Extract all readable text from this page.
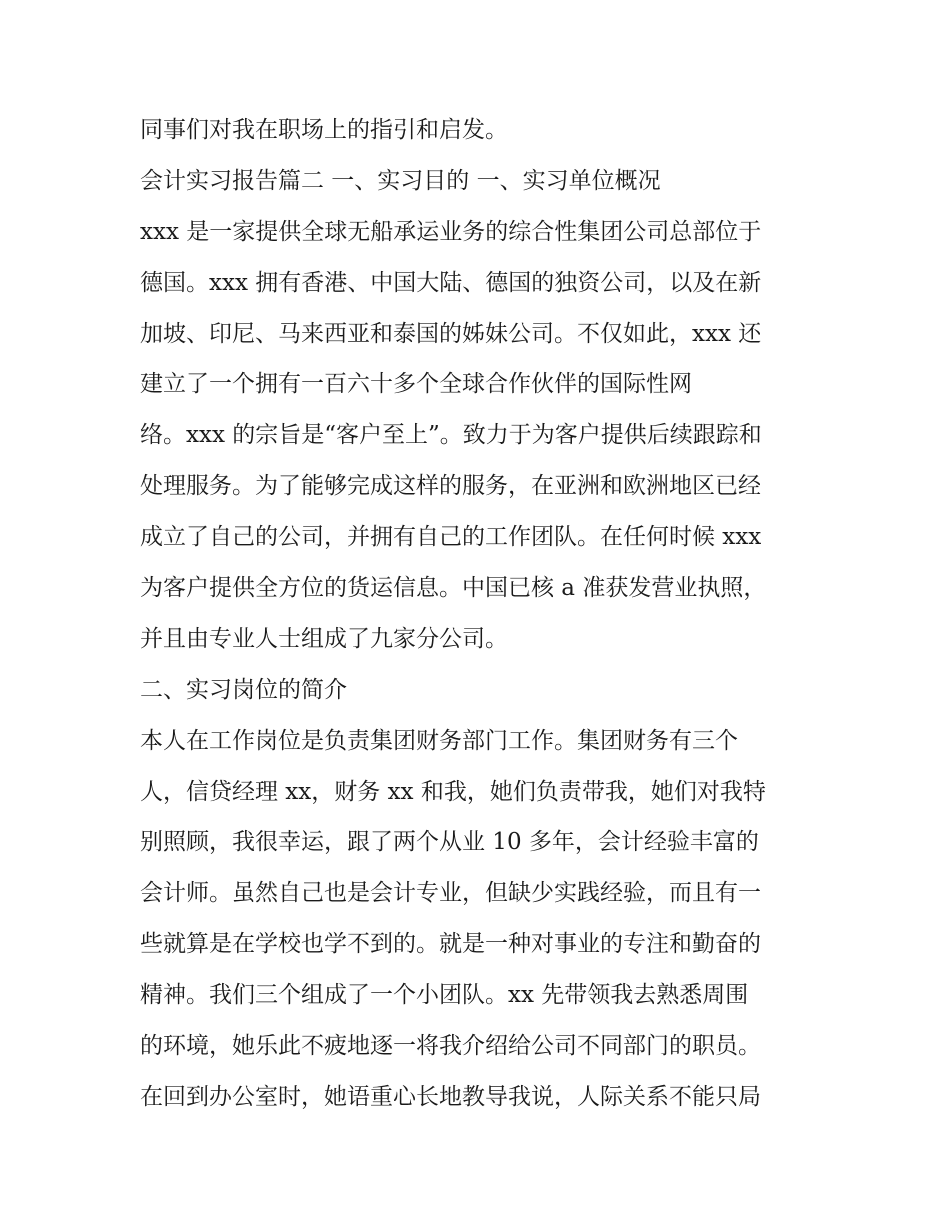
同事们对我在职场上的指引和启发。
会计实习报告篇二 一、实习目的 一、实习单位概况
xxx 是一家提供全球无船承运业务的综合性集团公司总部位于
德国。xxx 拥有香港、中国大陆、德国的独资公司，以及在新
加坡、印尼、马来西亚和泰国的姊妹公司。不仅如此，xxx 还
建立了一个拥有一百六十多个全球合作伙伴的国际性网
络。xxx 的宗旨是“客户至上”。致力于为客户提供后续跟踪和
处理服务。为了能够完成这样的服务，在亚洲和欧洲地区已经
成立了自己的公司，并拥有自己的工作团队。在任何时候 xxx
为客户提供全方位的货运信息。中国已核 a 准获发营业执照，
并且由专业人士组成了九家分公司。
二、实习岗位的简介
本人在工作岗位是负责集团财务部门工作。集团财务有三个
人，信贷经理 xx，财务 xx 和我，她们负责带我，她们对我特
别照顾，我很幸运，跟了两个从业 10 多年，会计经验丰富的
会计师。虽然自己也是会计专业，但缺少实践经验，而且有一
些就算是在学校也学不到的。就是一种对事业的专注和勤奋的
精神。我们三个组成了一个小团队。xx 先带领我去熟悉周围
的环境，她乐此不疲地逐一将我介绍给公司不同部门的职员。
在回到办公室时，她语重心长地教导我说，人际关系不能只局
